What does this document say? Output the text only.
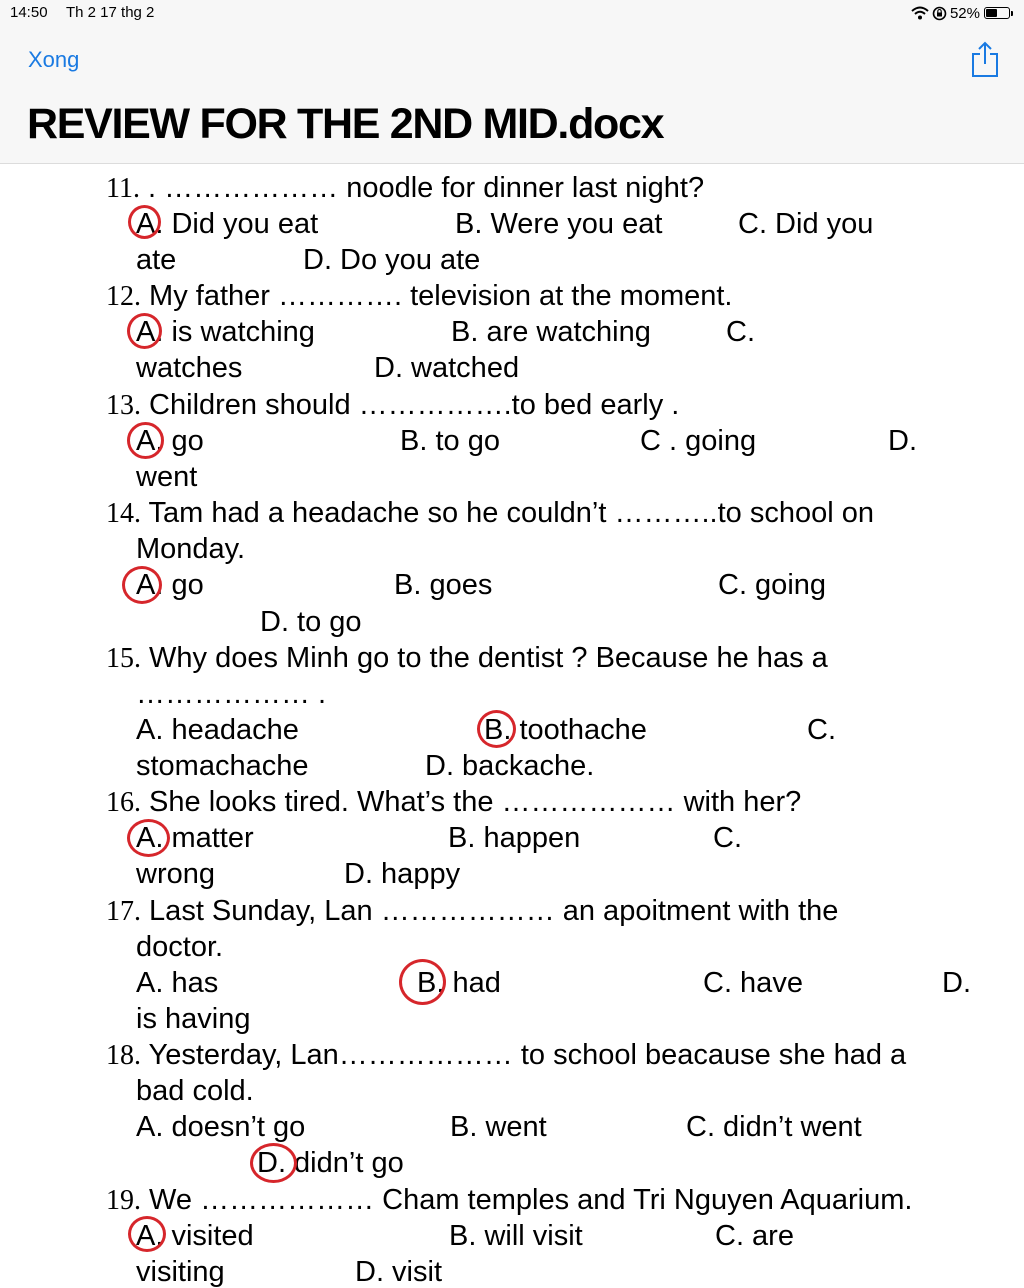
14:50 Th 2 17 thg 2	52%
Xong
REVIEW FOR THE 2ND MID.docx
11. . ……………… noodle for dinner last night?
A. Did you eat	B. Were you eat	C. Did you
ate	D. Do you ate
12. My father …………. television at the moment.
A. is watching	B. are watching	C.
watches	D. watched
13. Children should …………….to bed early .
A. go	B. to go	C . going	D.
went
14. Tam had a headache so he couldn’t ………..to school on
Monday.
A. go	B. goes	C. going
D. to go
15. Why does Minh go to the dentist ? Because he has a
……………… .
A. headache	B. toothache	C.
stomachache	D. backache.
16. She looks tired. What’s the ……………… with her?
A. matter	B. happen	C.
wrong	D. happy
17. Last Sunday, Lan ……………… an apoitment with the
doctor.
A. has	B. had	C. have	D.
is having
18. Yesterday, Lan……………… to school beacause she had a
bad cold.
A. doesn’t go	B. went	C. didn’t went
D. didn’t go
19. We ……………… Cham temples and Tri Nguyen Aquarium.
A. visited	B. will visit	C. are
visiting	D. visit
